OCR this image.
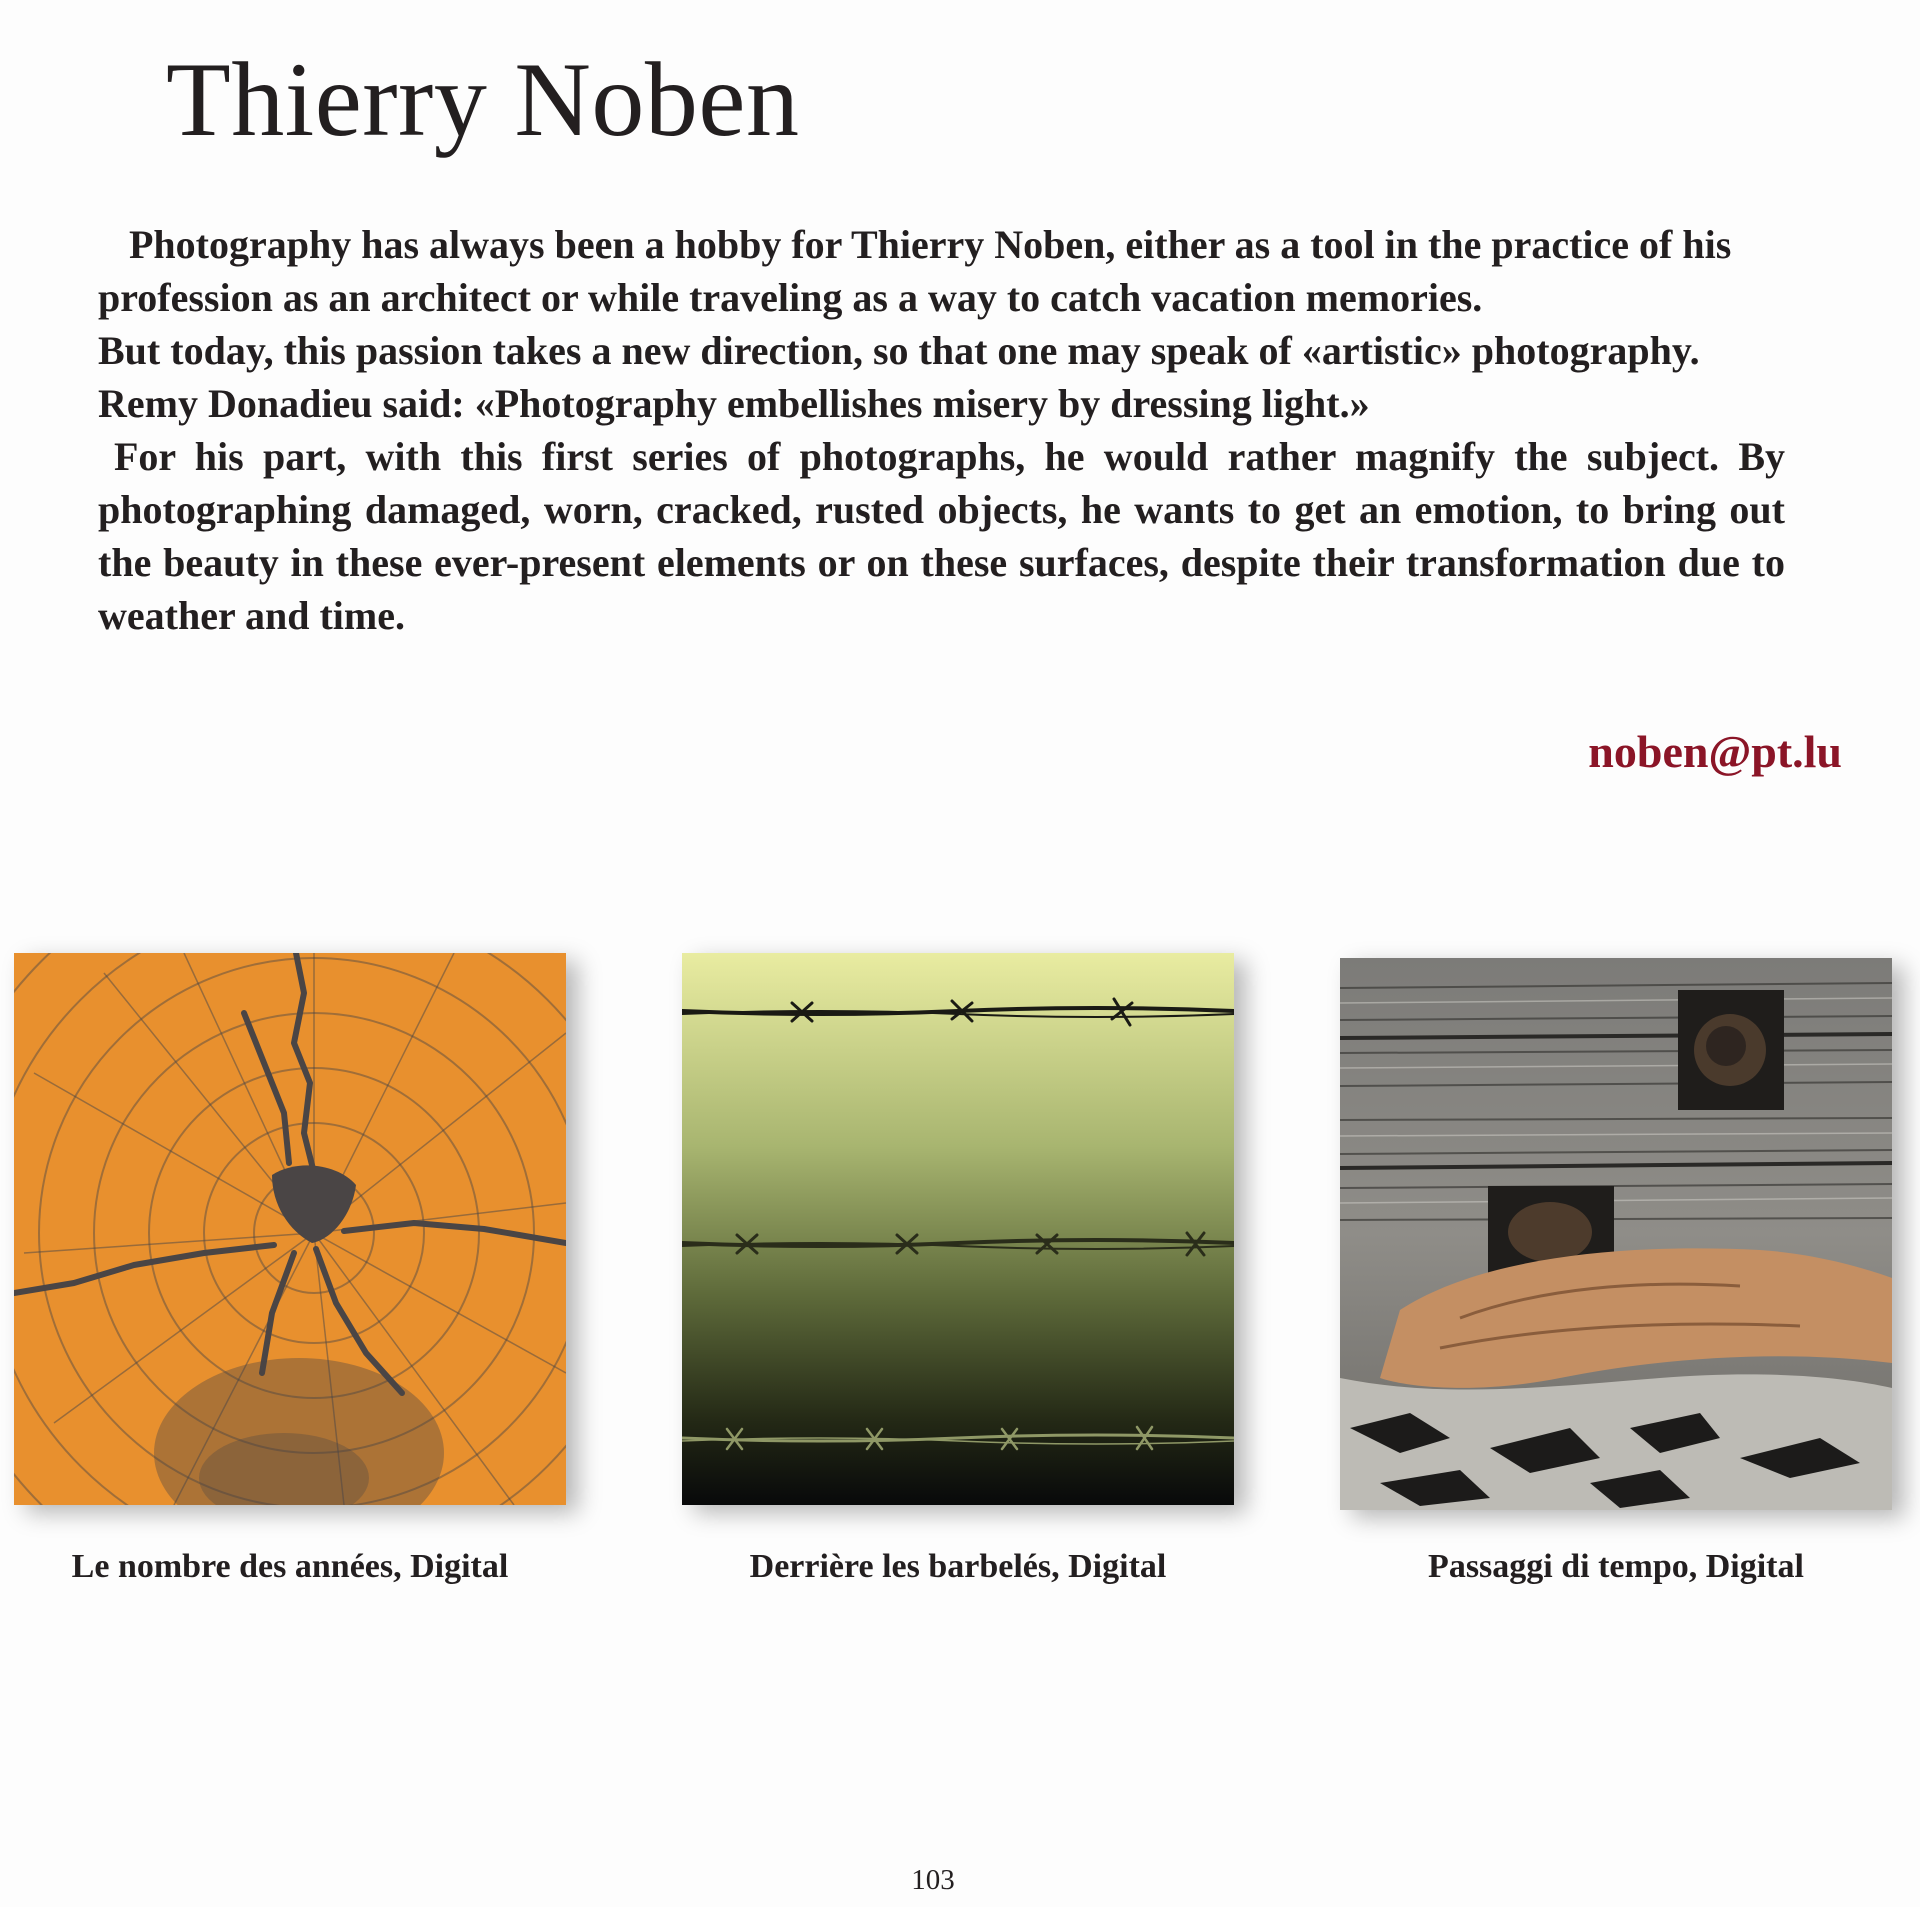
Thierry Noben

Photography has always been a hobby for Thierry Noben, either as a tool in the practice of his profession as an architect or while traveling as a way to catch vacation memories.

But today, this passion takes a new direction, so that one may speak of «artistic» photography.

Remy Donadieu said: «Photography embellishes misery by dressing light.»

For his part, with this first series of photographs, he would rather magnify the subject. By photographing damaged, worn, cracked, rusted objects, he wants to get an emotion, to bring out the beauty in these ever-present elements or on these surfaces, despite their transformation due to weather and time.

noben@pt.lu
Le nombre des années, Digital	Derrière les barbelés, Digital	Passaggi di tempo, Digital
103
